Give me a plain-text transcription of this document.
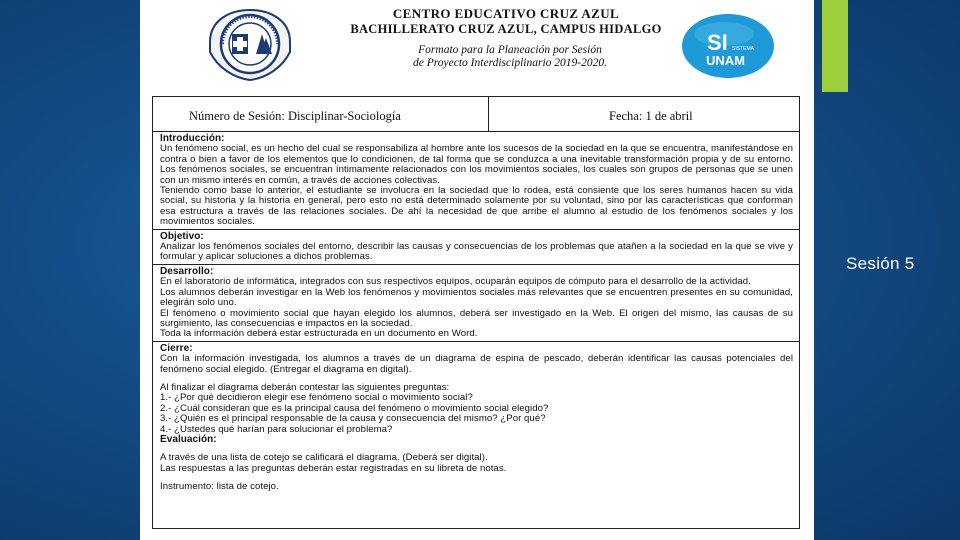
Sesión 5
CENTRO EDUCATIVO CRUZ AZUL
BACHILLERATO CRUZ AZUL, CAMPUS HIDALGO
Formato para la Planeación por Sesión
de Proyecto Interdisciplinario 2019-2020.
SI SISTEMA
UNAM
Número de Sesión: Disciplinar-Sociología	Fecha: 1 de abril
Introducción:
Un fenómeno social, es un hecho del cual se responsabiliza al hombre ante los sucesos de la sociedad en la que se encuentra, manifestándose en contra o bien a favor de los elementos que lo condicionen, de tal forma que se conduzca a una inevitable transformación propia y de su entorno. Los fenómenos sociales, se encuentran íntimamente relacionados con los movimientos sociales, los cuales son grupos de personas que se unen con un mismo interés en común, a través de acciones colectivas.
Teniendo como base lo anterior, el estudiante se involucra en la sociedad que lo rodea, está consiente que los seres humanos hacen su vida social, su historia y la historia en general, pero esto no está determinado solamente por su voluntad, sino por las características que conforman esa estructura a través de las relaciones sociales. De ahí la necesidad de que arribe el alumno al estudio de los fenómenos sociales y los movimientos sociales.
Objetivo:
Analizar los fenómenos sociales del entorno, describir las causas y consecuencias de los problemas que atañen a la sociedad en la que se vive y formular y aplicar soluciones a dichos problemas.
Desarrollo:
En el laboratorio de informática, integrados con sus respectivos equipos, ocuparán equipos de cómputo para el desarrollo de la actividad.
Los alumnos deberán investigar en la Web los fenómenos y movimientos sociales más relevantes que se encuentren presentes en su comunidad, elegirán solo uno.
El fenómeno o movimiento social que hayan elegido los alumnos, deberá ser investigado en la Web. El origen del mismo, las causas de su surgimiento, las consecuencias e impactos en la sociedad.
Toda la información deberá estar estructurada en un documento en Word.
Cierre:
Con la información investigada, los alumnos a través de un diagrama de espina de pescado, deberán identificar las causas potenciales del fenómeno social elegido. (Entregar el diagrama en digital).
Al finalizar el diagrama deberán contestar las siguientes preguntas:
1.- ¿Por qué decidieron elegir ese fenómeno social o movimiento social?
2.- ¿Cuál consideran que es la principal causa del fenómeno o movimiento social elegido?
3.- ¿Quién es el principal responsable de la causa y consecuencia del mismo? ¿Por qué?
4.- ¿Ustedes qué harían para solucionar el problema?
Evaluación:
A través de una lista de cotejo se calificará el diagrama. (Deberá ser digital).
Las respuestas a las preguntas deberán estar registradas en su libreta de notas.
Instrumento: lista de cotejo.
